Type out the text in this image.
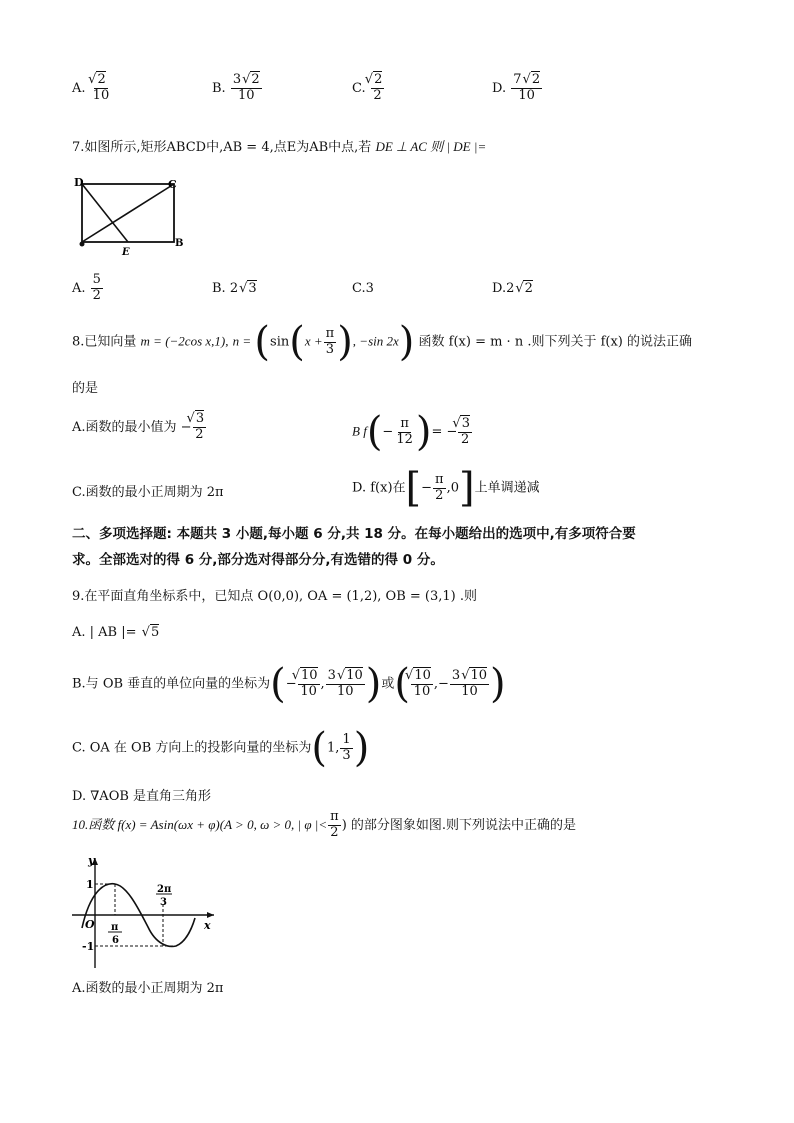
A. √ $\frac{2}{10}$	B. $\frac{3 √ 2}{10}$	C. √ $\frac{2}{2}$	D. $\frac{7 √ 2}{10}$
7.如图所示,矩形ABCD中,AB = 4,点E为AB中点,若 DE ⊥ AC 则 | DE |=
D	C
E
B
A. $\frac{5}{2}$	B. 2 √ 3	C.3	D.2 √ 2
8.已知向量 m = (−2cos x,1), $n = (\sin(x + \frac{\pi}{3}$ ), −sin 2x) 函数 f(x) = m · n .则下列关于 f(x) 的说法正确
的是
A.函数的最小值为 − √ $\frac{3}{2}$	B $f(- \frac{\pi}{12}$ )= − √ $\frac{3}{2}$
C.函数的最小正周期为 2π	D. f(x)在[− $\frac{\pi}{2} ,0$]上单调递减
二、多项选择题: 本题共 3 小题,每小题 6 分,共 18 分。在每小题给出的选项中,有多项符合要
求。全部选对的得 6 分,部分选对得部分分,有选错的得 0 分。
9.在平面直角坐标系中，已知点 O(0,0), OA = (1,2), OB = (3,1) .则
A. | AB |= √ 5
B.与 OB 垂直的单位向量的坐标为(− √ $\frac{10}{10}$ , $\frac{3 √ 10}{10}$ )或( √ $\frac{10}{10}$ ,− $\frac{3 √ 10}{10}$ )
C. OA 在 OB 方向上的投影向量的坐标为(1, $\frac{1}{3}$ )
D. ∇AOB 是直角三角形
10.函数 f(x) = Asin(ωx + φ)(A > 0, ω > 0, | φ |< $\frac{\pi}{2}$ ) 的部分图象如图.则下列说法中正确的是
y
x
O
1
-1
π
6
2π
3
A.函数的最小正周期为 2π
